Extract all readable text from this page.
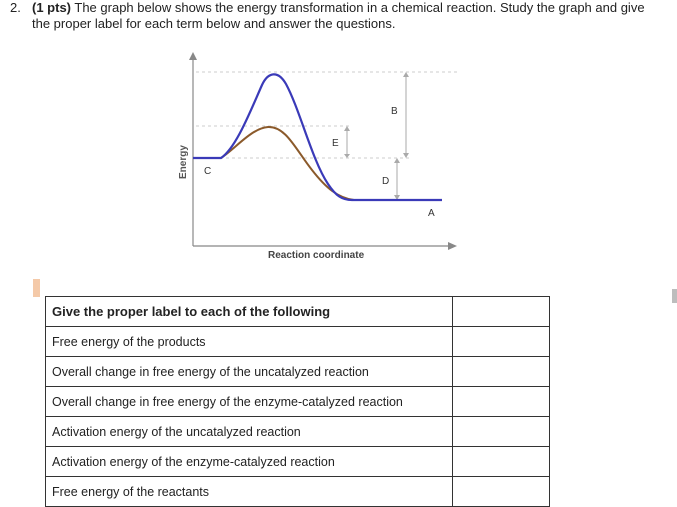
2. (1 pts) The graph below shows the energy transformation in a chemical reaction. Study the graph and give the proper label for each term below and answer the questions.
Energy
Reaction coordinate
A
B
C
D
E
Give the proper label to each of the following	
Free energy of the products	
Overall change in free energy of the uncatalyzed reaction	
Overall change in free energy of the enzyme-catalyzed reaction	
Activation energy of the uncatalyzed reaction	
Activation energy of the enzyme-catalyzed reaction	
Free energy of the reactants	
